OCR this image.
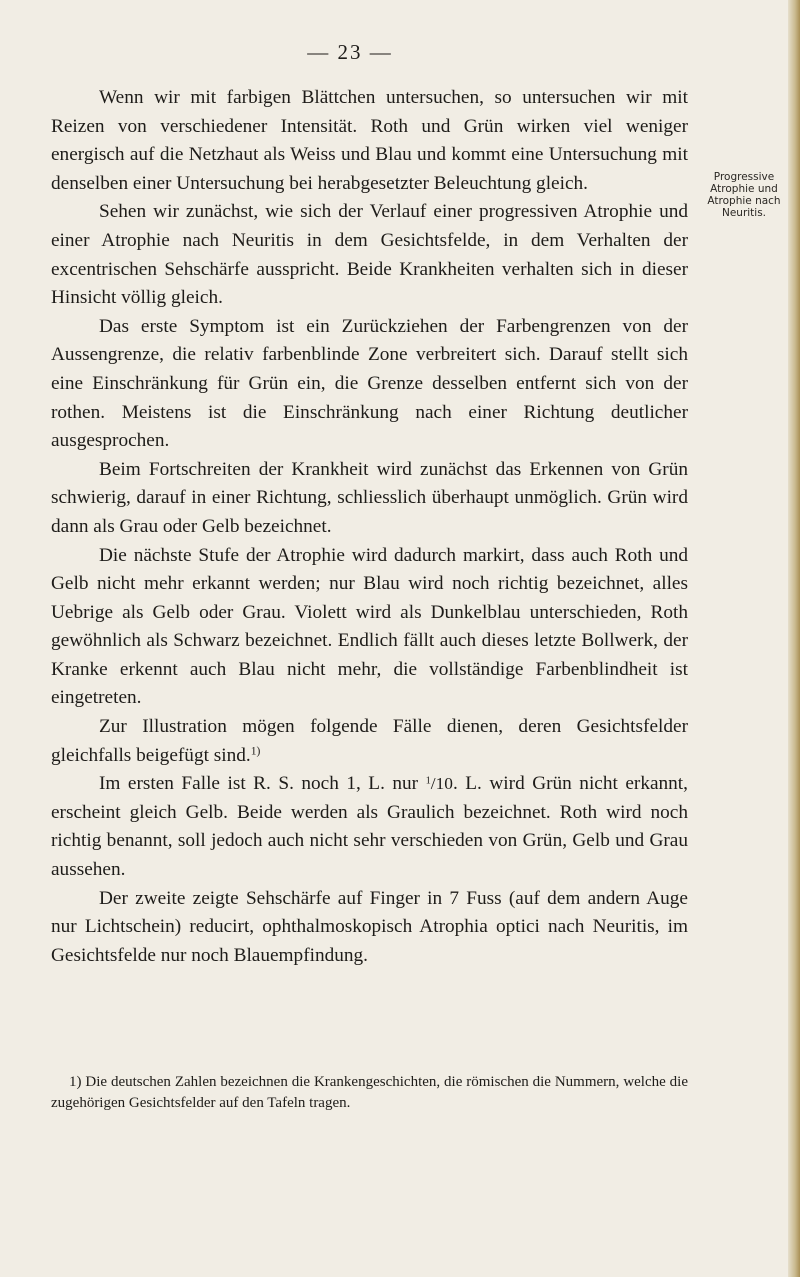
— 23 —
Progressive
Atrophie und
Atrophie nach
Neuritis.

Wenn wir mit farbigen Blättchen untersuchen, so untersuchen wir mit Reizen von verschiedener Intensität. Roth und Grün wirken viel weniger energisch auf die Netzhaut als Weiss und Blau und kommt eine Untersuchung mit denselben einer Untersuchung bei herabgesetzter Beleuchtung gleich.

Sehen wir zunächst, wie sich der Verlauf einer progressiven Atrophie und einer Atrophie nach Neuritis in dem Gesichtsfelde, in dem Verhalten der excentrischen Sehschärfe ausspricht. Beide Krankheiten verhalten sich in dieser Hinsicht völlig gleich.

Das erste Symptom ist ein Zurückziehen der Farbengrenzen von der Aussengrenze, die relativ farbenblinde Zone verbreitert sich. Darauf stellt sich eine Einschränkung für Grün ein, die Grenze desselben entfernt sich von der rothen. Meistens ist die Einschränkung nach einer Richtung deutlicher ausgesprochen.

Beim Fortschreiten der Krankheit wird zunächst das Erkennen von Grün schwierig, darauf in einer Richtung, schliesslich überhaupt unmöglich. Grün wird dann als Grau oder Gelb bezeichnet.

Die nächste Stufe der Atrophie wird dadurch markirt, dass auch Roth und Gelb nicht mehr erkannt werden; nur Blau wird noch richtig bezeichnet, alles Uebrige als Gelb oder Grau. Violett wird als Dunkelblau unterschieden, Roth gewöhnlich als Schwarz bezeichnet. Endlich fällt auch dieses letzte Bollwerk, der Kranke erkennt auch Blau nicht mehr, die vollständige Farbenblindheit ist eingetreten.

Zur Illustration mögen folgende Fälle dienen, deren Gesichtsfelder gleichfalls beigefügt sind.$^{1)}$

Im ersten Falle ist R. S. noch 1, L. nur $^1$/10. L. wird Grün nicht erkannt, erscheint gleich Gelb. Beide werden als Graulich bezeichnet. Roth wird noch richtig benannt, soll jedoch auch nicht sehr verschieden von Grün, Gelb und Grau aussehen.

Der zweite zeigte Sehschärfe auf Finger in 7 Fuss (auf dem andern Auge nur Lichtschein) reducirt, ophthalmoskopisch Atrophia optici nach Neuritis, im Gesichtsfelde nur noch Blauempfindung.

1) Die deutschen Zahlen bezeichnen die Krankengeschichten, die römischen die Nummern, welche die zugehörigen Gesichtsfelder auf den Tafeln tragen.
